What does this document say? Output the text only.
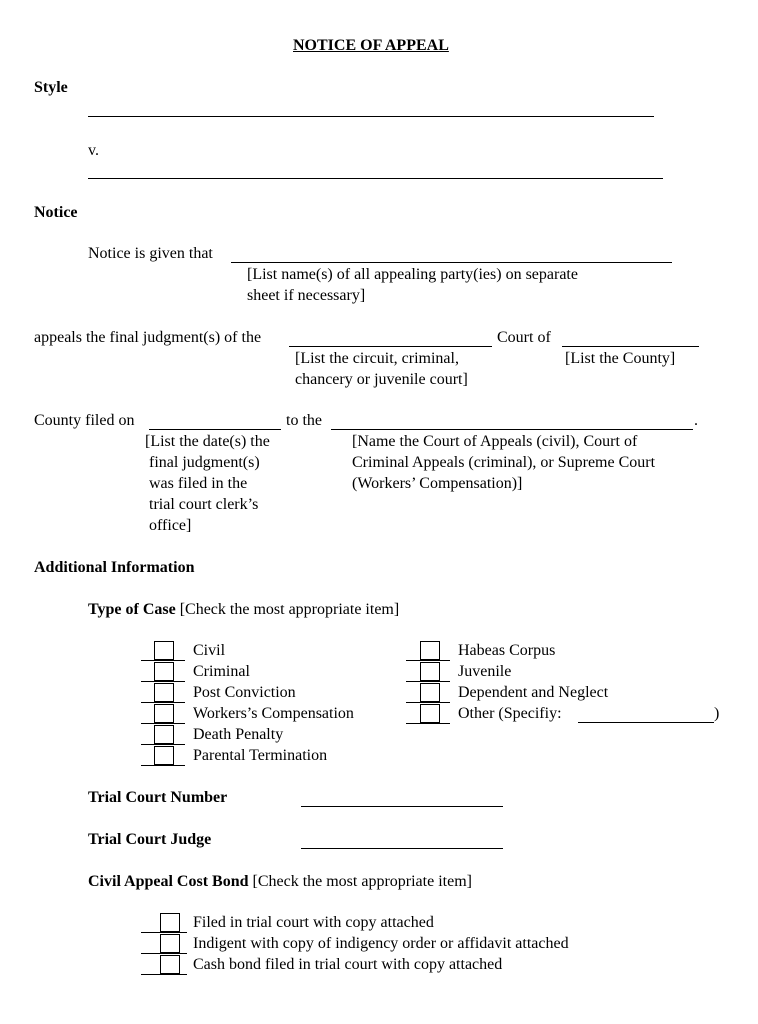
NOTICE OF APPEAL
Style
v.
Notice
Notice is given that
[List name(s) of all appealing party(ies) on separate
sheet if necessary]
appeals the final judgment(s) of the	Court of
[List the circuit, criminal,
chancery or juvenile court]
[List the County]
County filed on	to the	.
[List the date(s) the
final judgment(s)
was filed in the
trial court clerk’s
office]
[Name the Court of Appeals (civil), Court of
Criminal Appeals (criminal), or Supreme Court
(Workers’ Compensation)]
Additional Information
Type of Case [Check the most appropriate item]
Civil
Criminal
Post Conviction
Workers’s Compensation
Death Penalty
Parental Termination
Habeas Corpus
Juvenile
Dependent and Neglect
Other (Specifiy:	)
Trial Court Number
Trial Court Judge
Civil Appeal Cost Bond [Check the most appropriate item]
Filed in trial court with copy attached
Indigent with copy of indigency order or affidavit attached
Cash bond filed in trial court with copy attached
